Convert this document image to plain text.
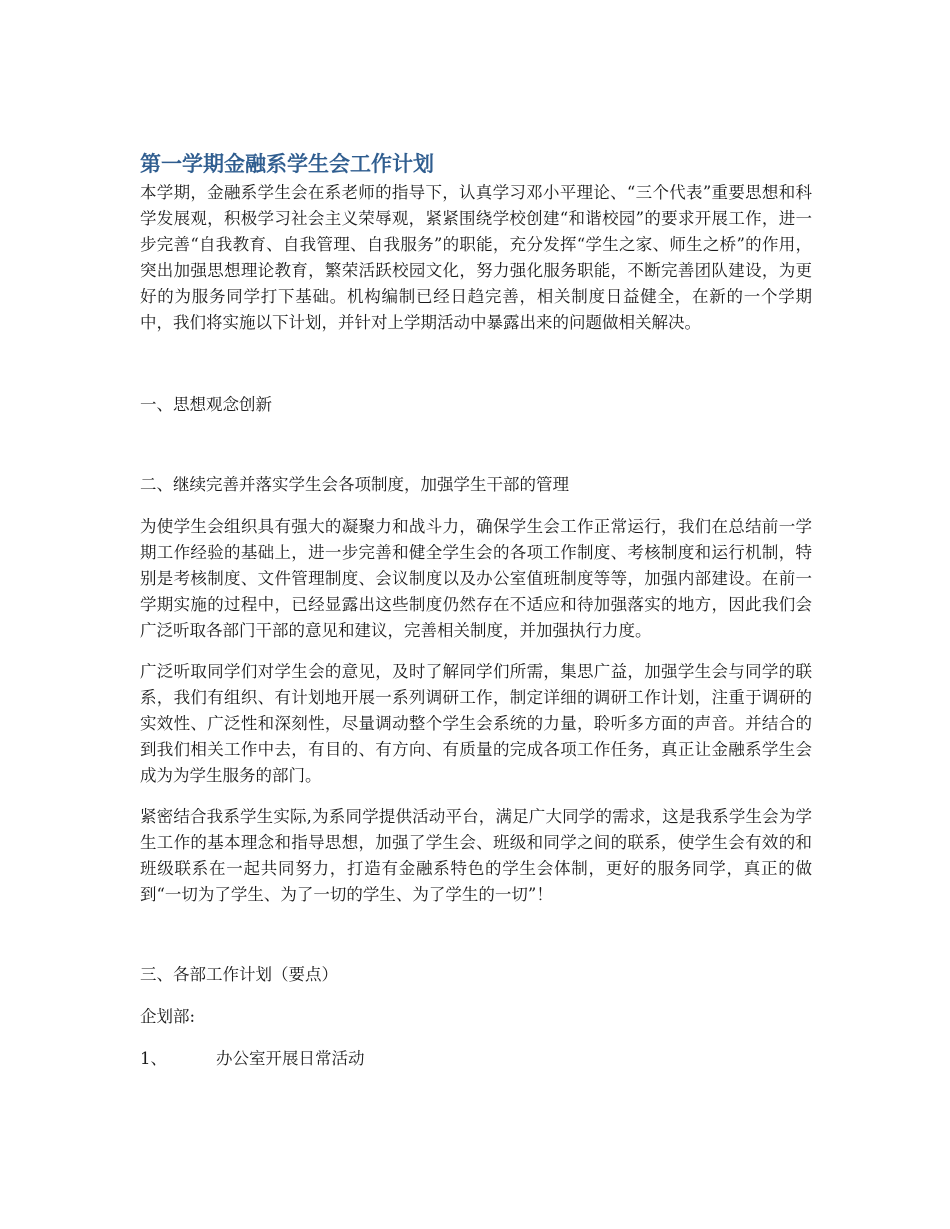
第一学期金融系学生会工作计划

本学期，金融系学生会在系老师的指导下，认真学习邓小平理论、“三个代表”重要思想和科学发展观，积极学习社会主义荣辱观，紧紧围绕学校创建“和谐校园”的要求开展工作，进一步完善“自我教育、自我管理、自我服务”的职能，充分发挥“学生之家、师生之桥”的作用，突出加强思想理论教育，繁荣活跃校园文化，努力强化服务职能，不断完善团队建设，为更好的为服务同学打下基础。机构编制已经日趋完善，相关制度日益健全，在新的一个学期中，我们将实施以下计划，并针对上学期活动中暴露出来的问题做相关解决。

一、思想观念创新

二、继续完善并落实学生会各项制度，加强学生干部的管理

为使学生会组织具有强大的凝聚力和战斗力，确保学生会工作正常运行，我们在总结前一学期工作经验的基础上，进一步完善和健全学生会的各项工作制度、考核制度和运行机制，特别是考核制度、文件管理制度、会议制度以及办公室值班制度等等，加强内部建设。在前一学期实施的过程中，已经显露出这些制度仍然存在不适应和待加强落实的地方，因此我们会广泛听取各部门干部的意见和建议，完善相关制度，并加强执行力度。

广泛听取同学们对学生会的意见，及时了解同学们所需，集思广益，加强学生会与同学的联系，我们有组织、有计划地开展一系列调研工作，制定详细的调研工作计划，注重于调研的实效性、广泛性和深刻性，尽量调动整个学生会系统的力量，聆听多方面的声音。并结合的到我们相关工作中去，有目的、有方向、有质量的完成各项工作任务，真正让金融系学生会成为为学生服务的部门。

紧密结合我系学生实际,为系同学提供活动平台，满足广大同学的需求，这是我系学生会为学生工作的基本理念和指导思想，加强了学生会、班级和同学之间的联系，使学生会有效的和班级联系在一起共同努力，打造有金融系特色的学生会体制，更好的服务同学，真正的做到“一切为了学生、为了一切的学生、为了学生的一切”！

三、各部工作计划（要点）

企划部:

1、	办公室开展日常活动
